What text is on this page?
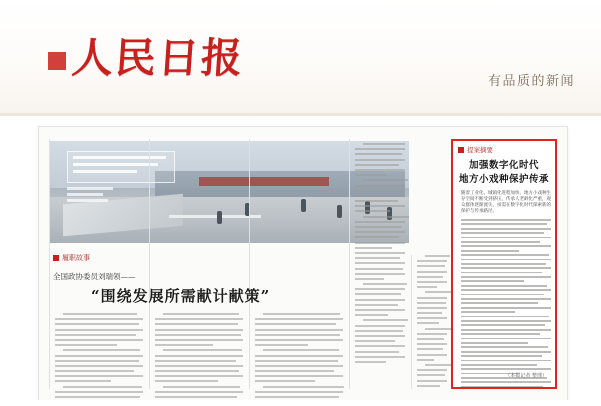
人民日报	有品质的新闻
履职故事
全国政协委员刘瑞领——
“围绕发展所需献计献策”
提案摘要
加强数字化时代
地方小戏种保护传承
随着工业化、城镇化进程加快，地方小戏种生存空间不断受到挤压，传承人老龄化严重，观众群体逐渐流失，亟需在数字化时代探索新的保护与传承路径。
（本报记者 整理）
